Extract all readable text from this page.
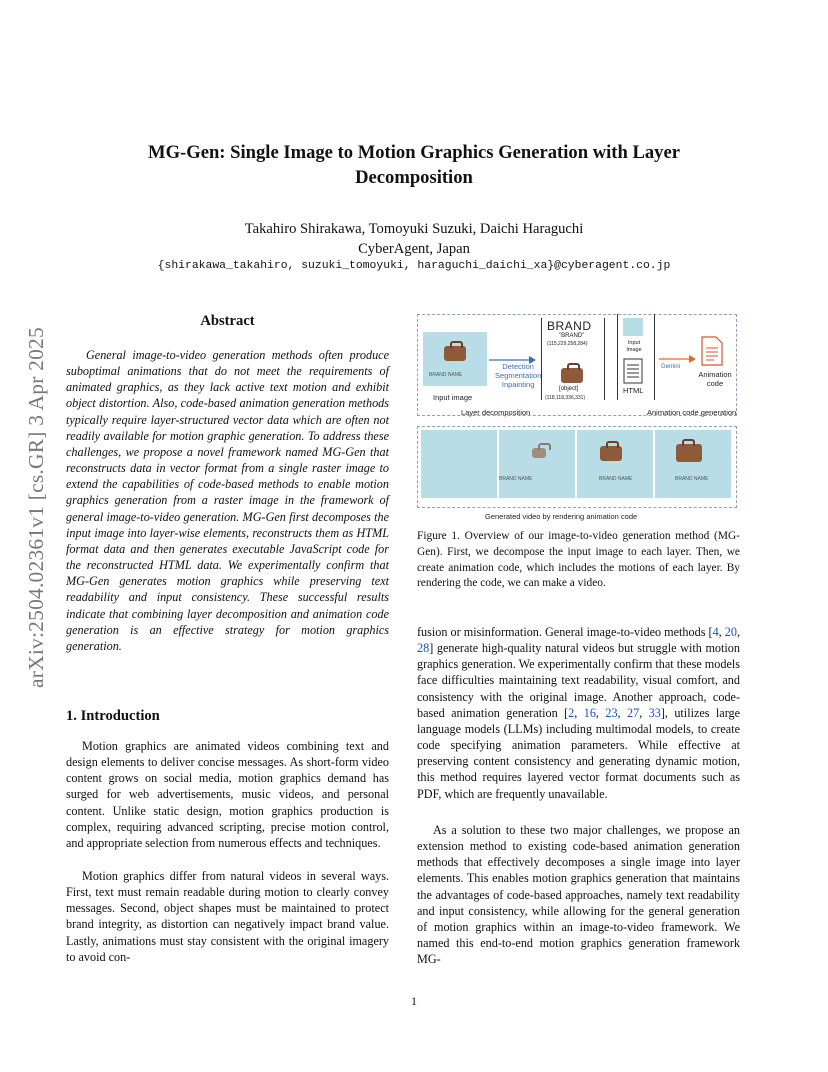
arXiv:2504.02361v1 [cs.GR] 3 Apr 2025
MG-Gen: Single Image to Motion Graphics Generation with Layer Decomposition
Takahiro Shirakawa, Tomoyuki Suzuki, Daichi Haraguchi
CyberAgent, Japan
{shirakawa_takahiro, suzuki_tomoyuki, haraguchi_daichi_xa}@cyberagent.co.jp
Abstract

General image-to-video generation methods often produce suboptimal animations that do not meet the requirements of animated graphics, as they lack active text motion and exhibit object distortion. Also, code-based animation generation methods typically require layer-structured vector data which are often not readily available for motion graphic generation. To address these challenges, we propose a novel framework named MG-Gen that reconstructs data in vector format from a single raster image to extend the capabilities of code-based methods to enable motion graphics generation from a raster image in the framework of general image-to-video generation. MG-Gen first decomposes the input image into layer-wise elements, reconstructs them as HTML format data and then generates executable JavaScript code for the reconstructed HTML data. We experimentally confirm that MG-Gen generates motion graphics while preserving text readability and input consistency. These successful results indicate that combining layer decomposition and animation code generation is an effective strategy for motion graphics generation.

1. Introduction

Motion graphics are animated videos combining text and design elements to deliver concise messages. As short-form video content grows on social media, motion graphics demand has surged for web advertisements, music videos, and personal content. Unlike static design, motion graphics production is complex, requiring advanced scripting, precise motion control, and appropriate selection from numerous effects and techniques.

Motion graphics differ from natural videos in several ways. First, text must remain readable during motion to clearly convey messages. Second, object shapes must be maintained to protect brand integrity, as distortion can negatively impact brand value. Lastly, animations must stay consistent with the original imagery to avoid con-

BRAND NAME
Input image
Detection
Segmentation
Inpainting
BRAND
"BRAND"
(115,229,258,284)
[object]
(118,118,336,331)
Layer decomposition
Input Image
HTML
Gemini
Animation code
Animation code generation
BRAND NAME	BRAND NAME	BRAND NAME
Generated video by rendering animation code

Figure 1. Overview of our image-to-video generation method (MG-Gen). First, we decompose the input image to each layer. Then, we create animation code, which includes the motions of each layer. By rendering the code, we can make a video.

fusion or misinformation. General image-to-video methods [4, 20, 28] generate high-quality natural videos but struggle with motion graphics generation. We experimentally confirm that these models face difficulties maintaining text readability, visual comfort, and consistency with the original image. Another approach, code-based animation generation [2, 16, 23, 27, 33], utilizes large language models (LLMs) including multimodal models, to create code specifying animation parameters. While effective at preserving content consistency and generating dynamic motion, this method requires layered vector format documents such as PDF, which are frequently unavailable.

As a solution to these two major challenges, we propose an extension method to existing code-based animation generation methods that effectively decomposes a single image into layer elements. This enables motion graphics generation that maintains the advantages of code-based approaches, namely text readability and input consistency, while allowing for the general generation of motion graphics within an image-to-video framework. We named this end-to-end motion graphics generation framework MG-

1
